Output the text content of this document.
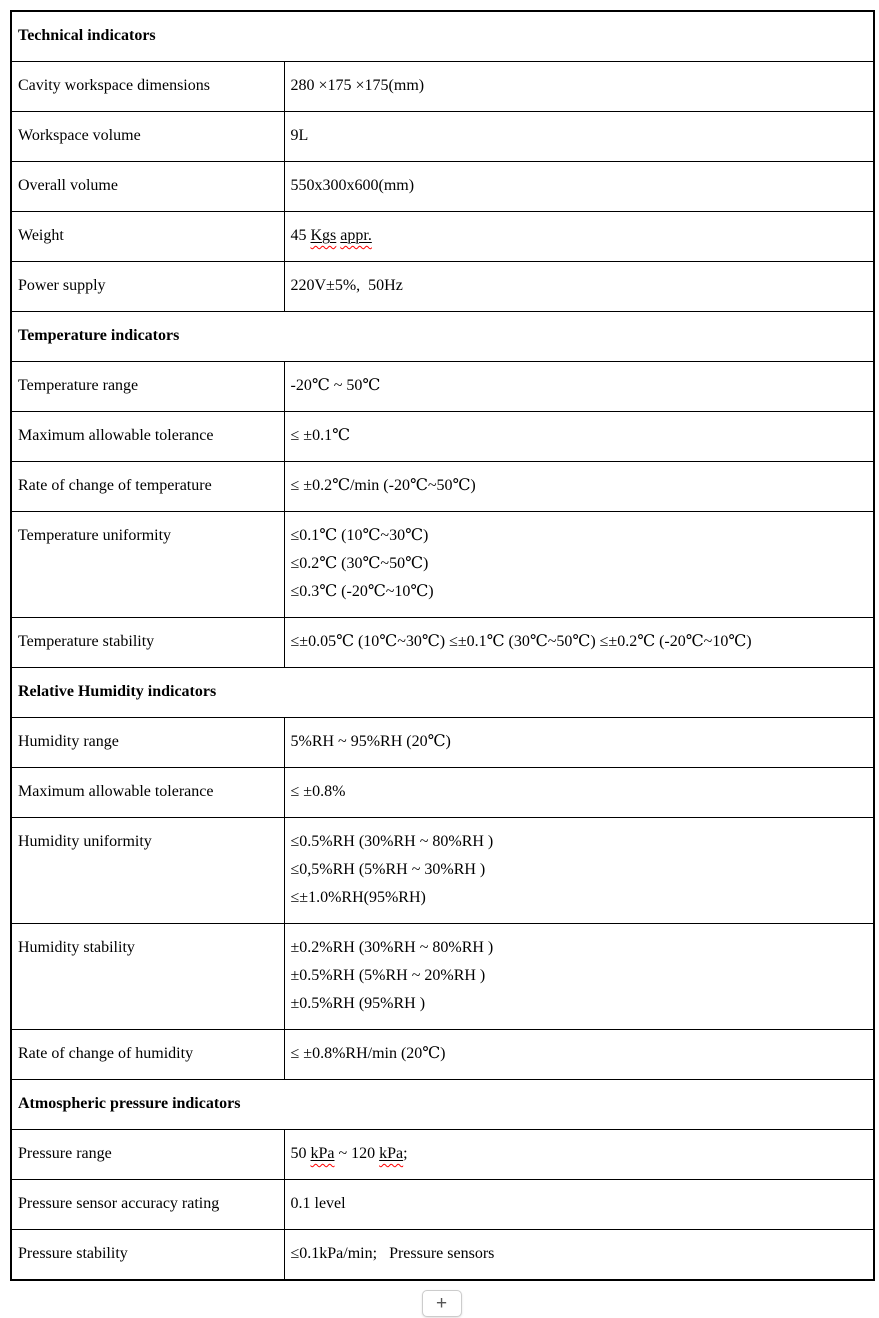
Technical indicators	
Cavity workspace dimensions	280 ×175 ×175(mm)

Workspace volume	9L

Overall volume	550x300x600(mm)

Weight	45 Kgs appr.

Power supply	220V±5%,  50Hz

Temperature indicators	
Temperature range	-20℃ ~ 50℃

Maximum allowable tolerance	≤ ±0.1℃

Rate of change of temperature	≤ ±0.2℃/min (-20℃~50℃)

Temperature uniformity	≤0.1℃ (10℃~30℃)
≤0.2℃ (30℃~50℃)
≤0.3℃ (-20℃~10℃)

Temperature stability	≤±0.05℃ (10℃~30℃) ≤±0.1℃ (30℃~50℃) ≤±0.2℃ (-20℃~10℃)

Relative Humidity indicators	
Humidity range	5%RH ~ 95%RH (20℃)

Maximum allowable tolerance	≤ ±0.8%

Humidity uniformity	≤0.5%RH (30%RH ~ 80%RH )
≤0,5%RH (5%RH ~ 30%RH )
≤±1.0%RH(95%RH)

Humidity stability	±0.2%RH (30%RH ~ 80%RH )
±0.5%RH (5%RH ~ 20%RH )
±0.5%RH (95%RH )

Rate of change of humidity	≤ ±0.8%RH/min (20℃)

Atmospheric pressure indicators	
Pressure range	50 kPa ~ 120 kPa;

Pressure sensor accuracy rating	0.1 level

Pressure stability	≤0.1kPa/min;   Pressure sensors
+
